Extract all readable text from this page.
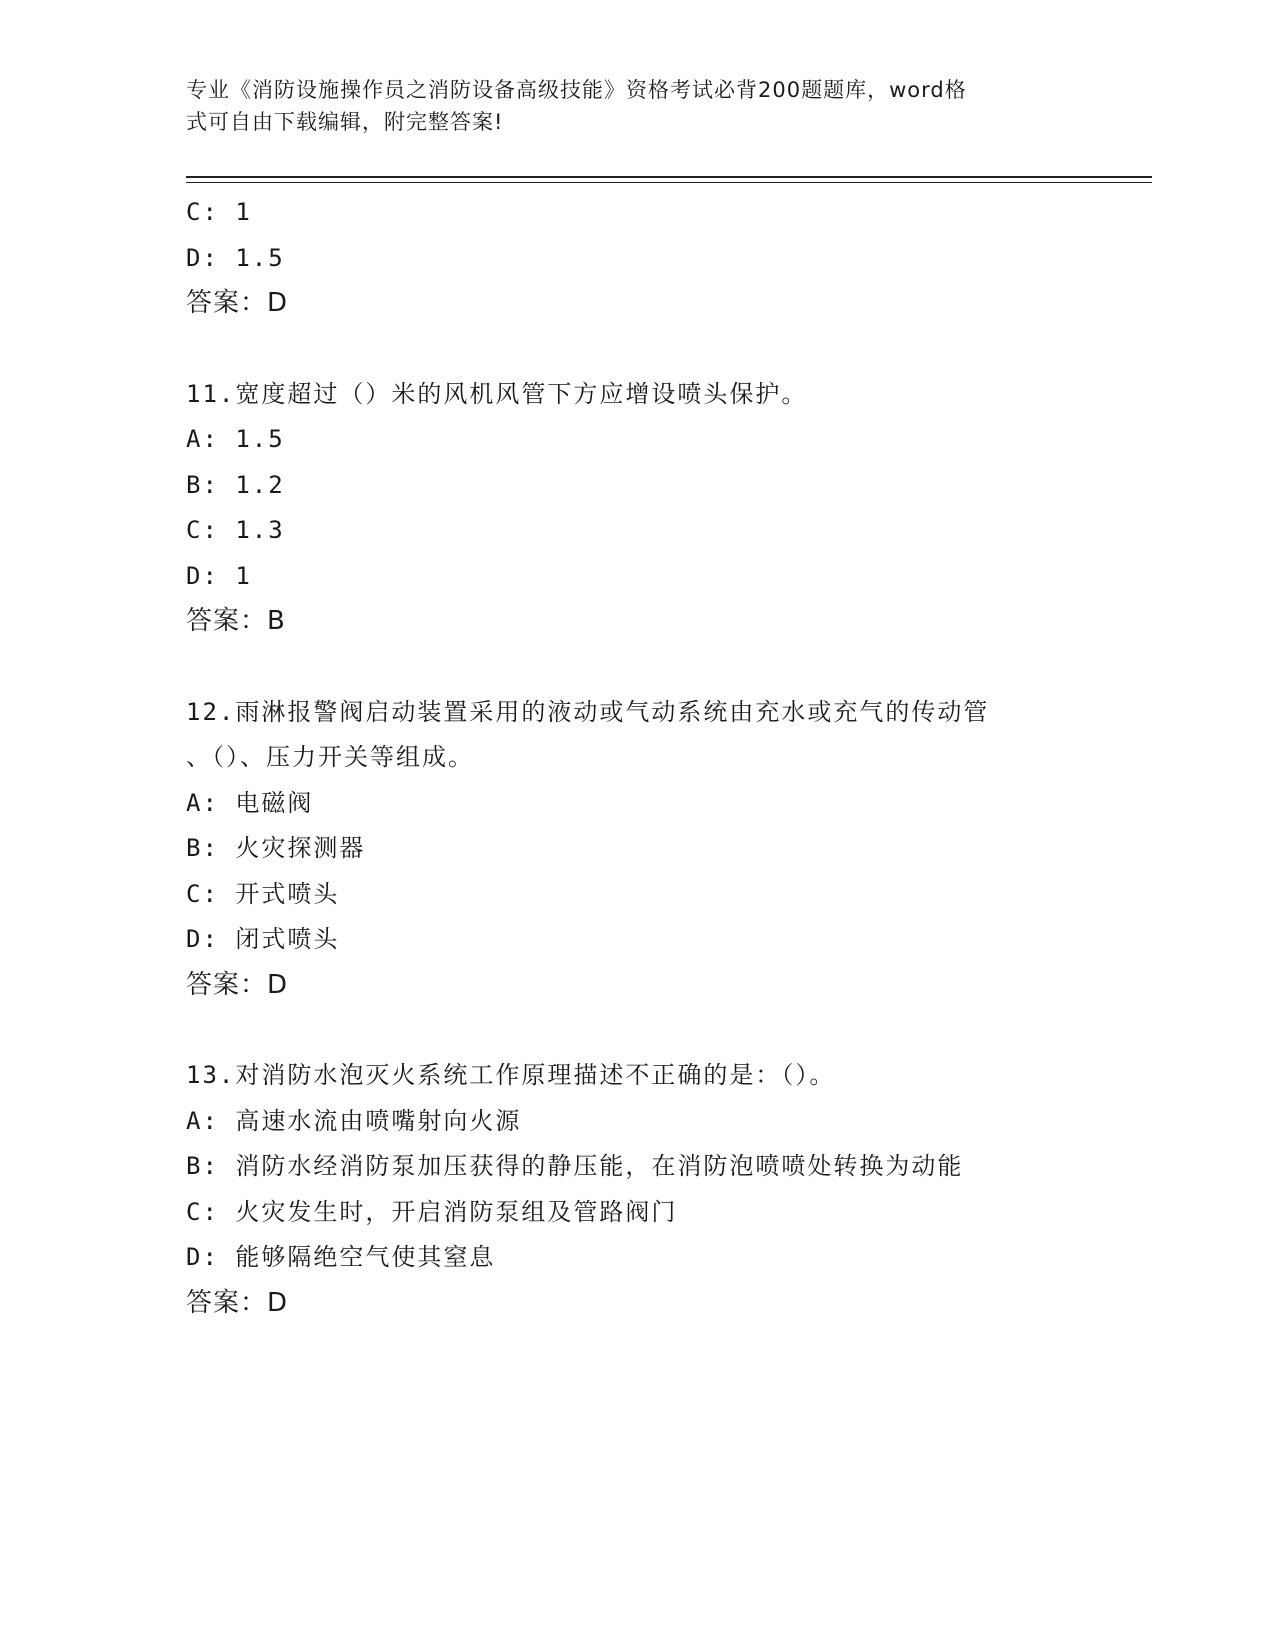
专业《消防设施操作员之消防设备高级技能》资格考试必背200题题库，word格
式可自由下载编辑，附完整答案!
C: 1
D: 1.5
答案：D
11.宽度超过（）米的风机风管下方应增设喷头保护。
A: 1.5
B: 1.2
C: 1.3
D: 1
答案：B
12.雨淋报警阀启动装置采用的液动或气动系统由充水或充气的传动管
、（）、压力开关等组成。
A: 电磁阀
B: 火灾探测器
C: 开式喷头
D: 闭式喷头
答案：D
13.对消防水泡灭火系统工作原理描述不正确的是：（）。
A: 高速水流由喷嘴射向火源
B: 消防水经消防泵加压获得的静压能，在消防泡喷喷处转换为动能
C: 火灾发生时，开启消防泵组及管路阀门
D: 能够隔绝空气使其窒息
答案：D
